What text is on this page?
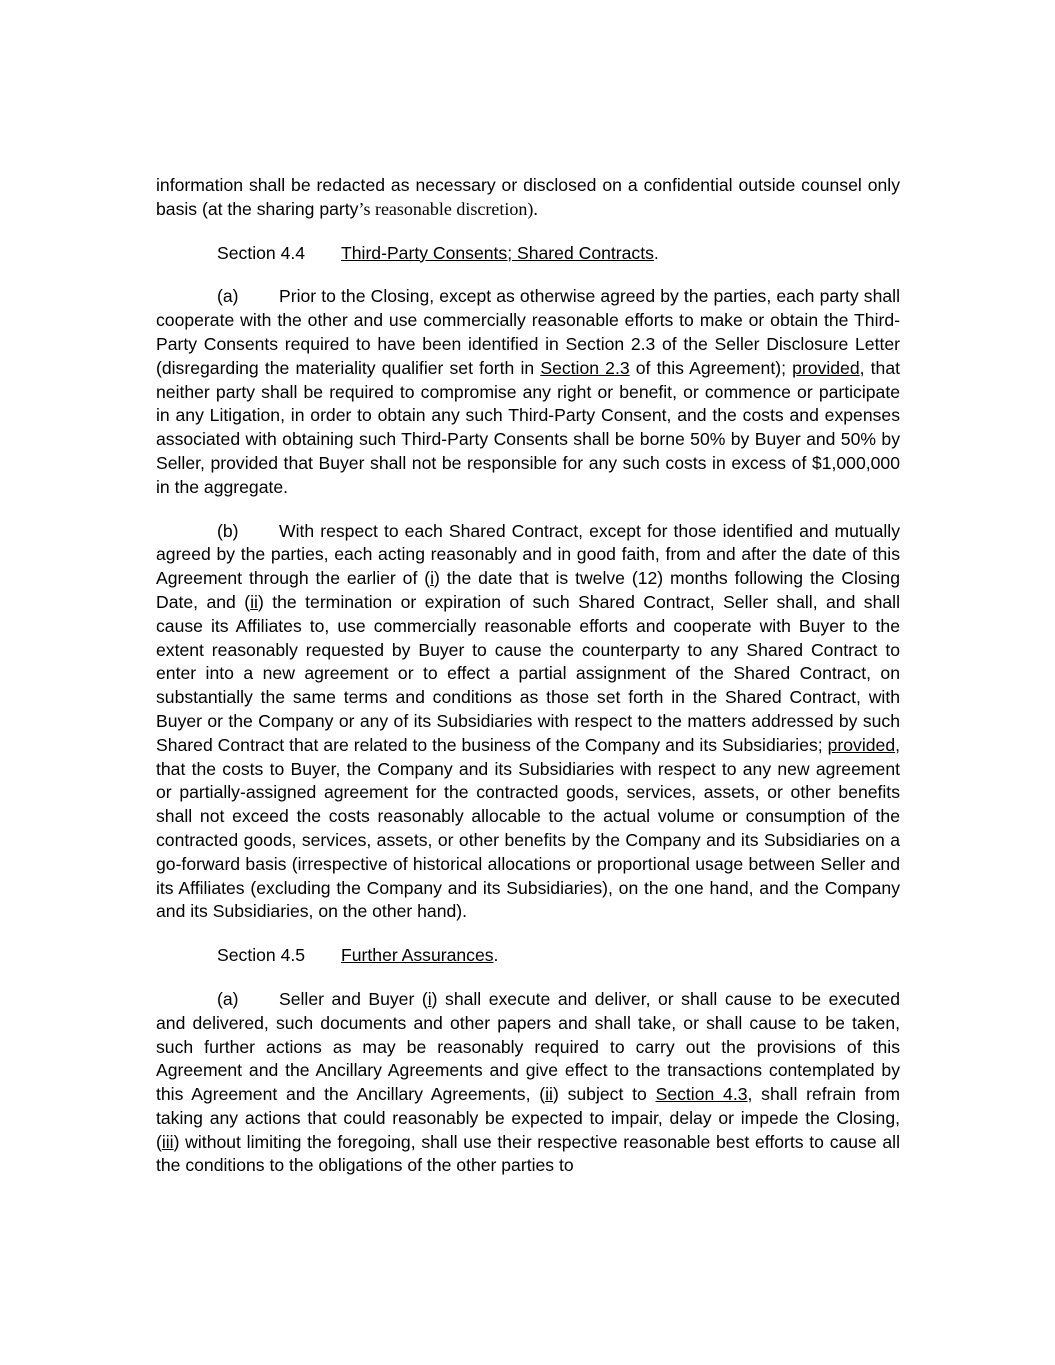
information shall be redacted as necessary or disclosed on a confidential outside counsel only basis (at the sharing party’s reasonable discretion).

Section 4.4 Third-Party Consents; Shared Contracts.

(a) Prior to the Closing, except as otherwise agreed by the parties, each party shall cooperate with the other and use commercially reasonable efforts to make or obtain the Third-Party Consents required to have been identified in Section 2.3 of the Seller Disclosure Letter (disregarding the materiality qualifier set forth in Section 2.3 of this Agreement); provided, that neither party shall be required to compromise any right or benefit, or commence or participate in any Litigation, in order to obtain any such Third-Party Consent, and the costs and expenses associated with obtaining such Third-Party Consents shall be borne 50% by Buyer and 50% by Seller, provided that Buyer shall not be responsible for any such costs in excess of $1,000,000 in the aggregate.

(b) With respect to each Shared Contract, except for those identified and mutually agreed by the parties, each acting reasonably and in good faith, from and after the date of this Agreement through the earlier of (i) the date that is twelve (12) months following the Closing Date, and (ii) the termination or expiration of such Shared Contract, Seller shall, and shall cause its Affiliates to, use commercially reasonable efforts and cooperate with Buyer to the extent reasonably requested by Buyer to cause the counterparty to any Shared Contract to enter into a new agreement or to effect a partial assignment of the Shared Contract, on substantially the same terms and conditions as those set forth in the Shared Contract, with Buyer or the Company or any of its Subsidiaries with respect to the matters addressed by such Shared Contract that are related to the business of the Company and its Subsidiaries; provided, that the costs to Buyer, the Company and its Subsidiaries with respect to any new agreement or partially-assigned agreement for the contracted goods, services, assets, or other benefits shall not exceed the costs reasonably allocable to the actual volume or consumption of the contracted goods, services, assets, or other benefits by the Company and its Subsidiaries on a go-forward basis (irrespective of historical allocations or proportional usage between Seller and its Affiliates (excluding the Company and its Subsidiaries), on the one hand, and the Company and its Subsidiaries, on the other hand).

Section 4.5 Further Assurances.

(a) Seller and Buyer (i) shall execute and deliver, or shall cause to be executed and delivered, such documents and other papers and shall take, or shall cause to be taken, such further actions as may be reasonably required to carry out the provisions of this Agreement and the Ancillary Agreements and give effect to the transactions contemplated by this Agreement and the Ancillary Agreements, (ii) subject to Section 4.3, shall refrain from taking any actions that could reasonably be expected to impair, delay or impede the Closing, (iii) without limiting the foregoing, shall use their respective reasonable best efforts to cause all the conditions to the obligations of the other parties to
